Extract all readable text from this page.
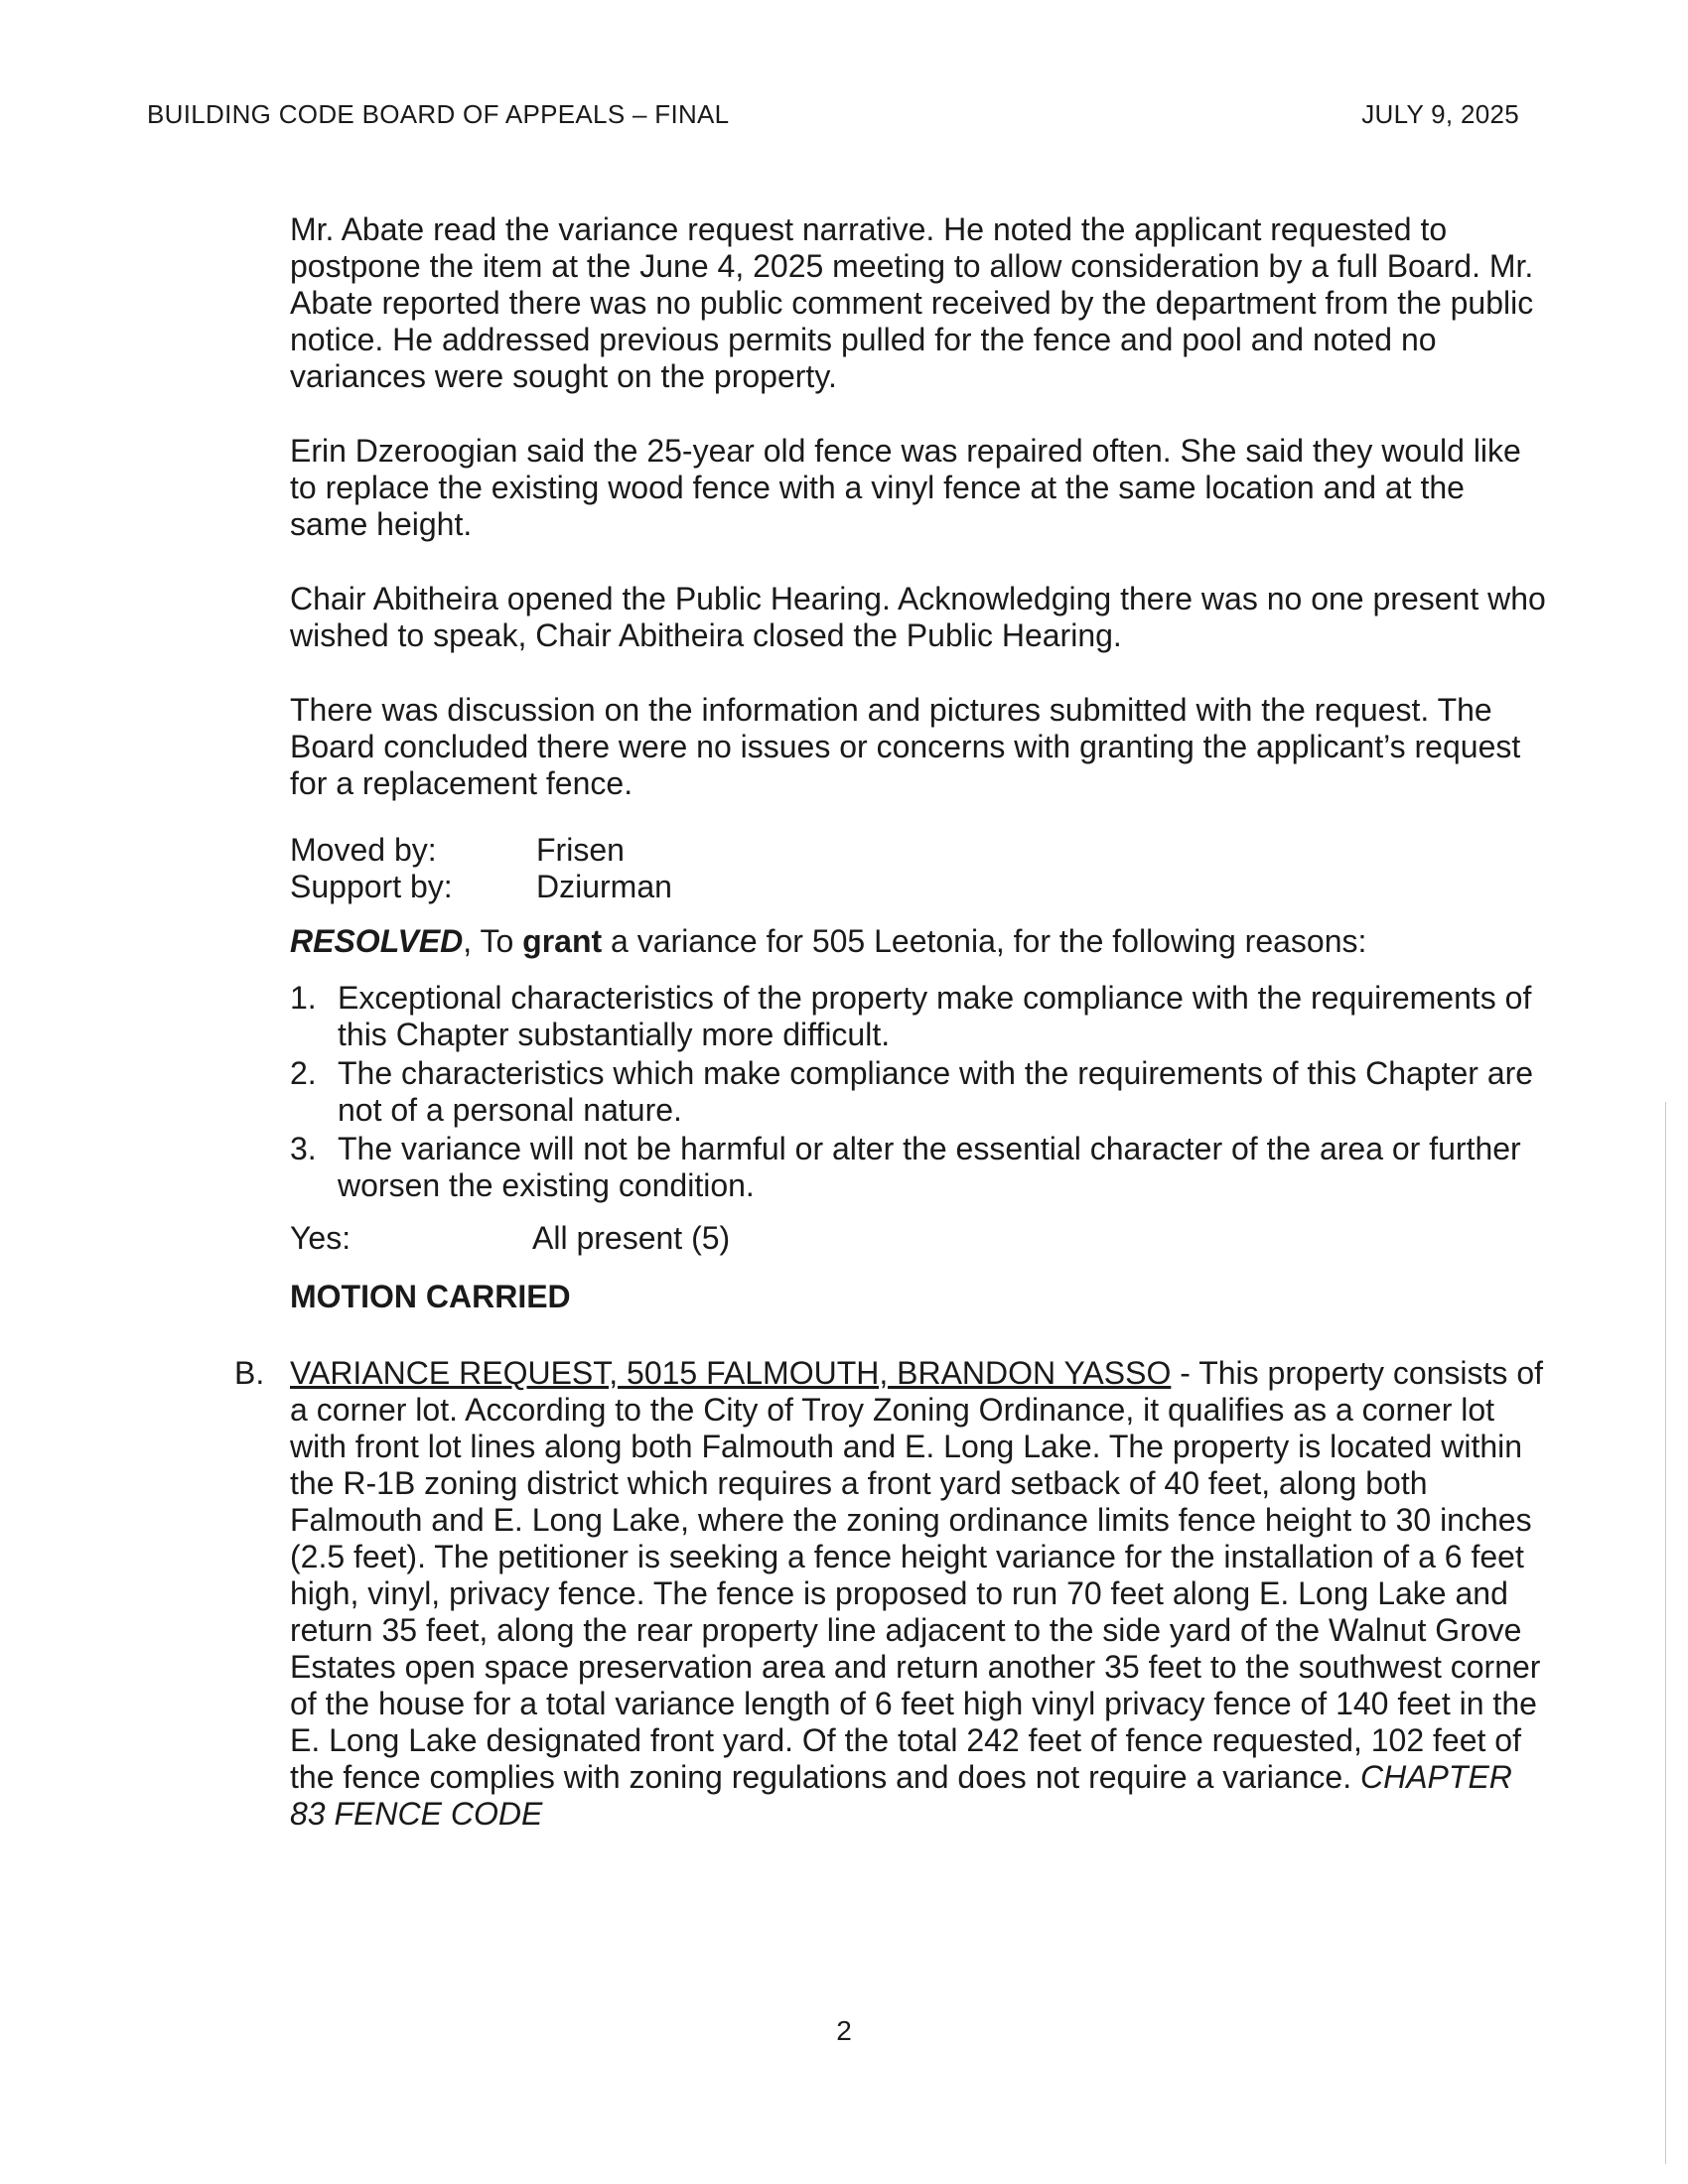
BUILDING CODE BOARD OF APPEALS – FINAL	JULY 9, 2025

Mr. Abate read the variance request narrative. He noted the applicant requested to postpone the item at the June 4, 2025 meeting to allow consideration by a full Board. Mr. Abate reported there was no public comment received by the department from the public notice. He addressed previous permits pulled for the fence and pool and noted no variances were sought on the property.

Erin Dzeroogian said the 25-year old fence was repaired often. She said they would like to replace the existing wood fence with a vinyl fence at the same location and at the same height.

Chair Abitheira opened the Public Hearing. Acknowledging there was no one present who wished to speak, Chair Abitheira closed the Public Hearing.

There was discussion on the information and pictures submitted with the request. The Board concluded there were no issues or concerns with granting the applicant’s request for a replacement fence.

Moved by:	Frisen
Support by:	Dziurman
RESOLVED, To grant a variance for 505 Leetonia, for the following reasons:
1. Exceptional characteristics of the property make compliance with the requirements of this Chapter substantially more difficult.
2. The characteristics which make compliance with the requirements of this Chapter are not of a personal nature.
3. The variance will not be harmful or alter the essential character of the area or further worsen the existing condition.
Yes:	All present (5)
MOTION CARRIED
B. VARIANCE REQUEST, 5015 FALMOUTH, BRANDON YASSO - This property consists of a corner lot. According to the City of Troy Zoning Ordinance, it qualifies as a corner lot with front lot lines along both Falmouth and E. Long Lake. The property is located within the R-1B zoning district which requires a front yard setback of 40 feet, along both Falmouth and E. Long Lake, where the zoning ordinance limits fence height to 30 inches (2.5 feet). The petitioner is seeking a fence height variance for the installation of a 6 feet high, vinyl, privacy fence. The fence is proposed to run 70 feet along E. Long Lake and return 35 feet, along the rear property line adjacent to the side yard of the Walnut Grove Estates open space preservation area and return another 35 feet to the southwest corner of the house for a total variance length of 6 feet high vinyl privacy fence of 140 feet in the E. Long Lake designated front yard. Of the total 242 feet of fence requested, 102 feet of the fence complies with zoning regulations and does not require a variance. CHAPTER 83 FENCE CODE
2
